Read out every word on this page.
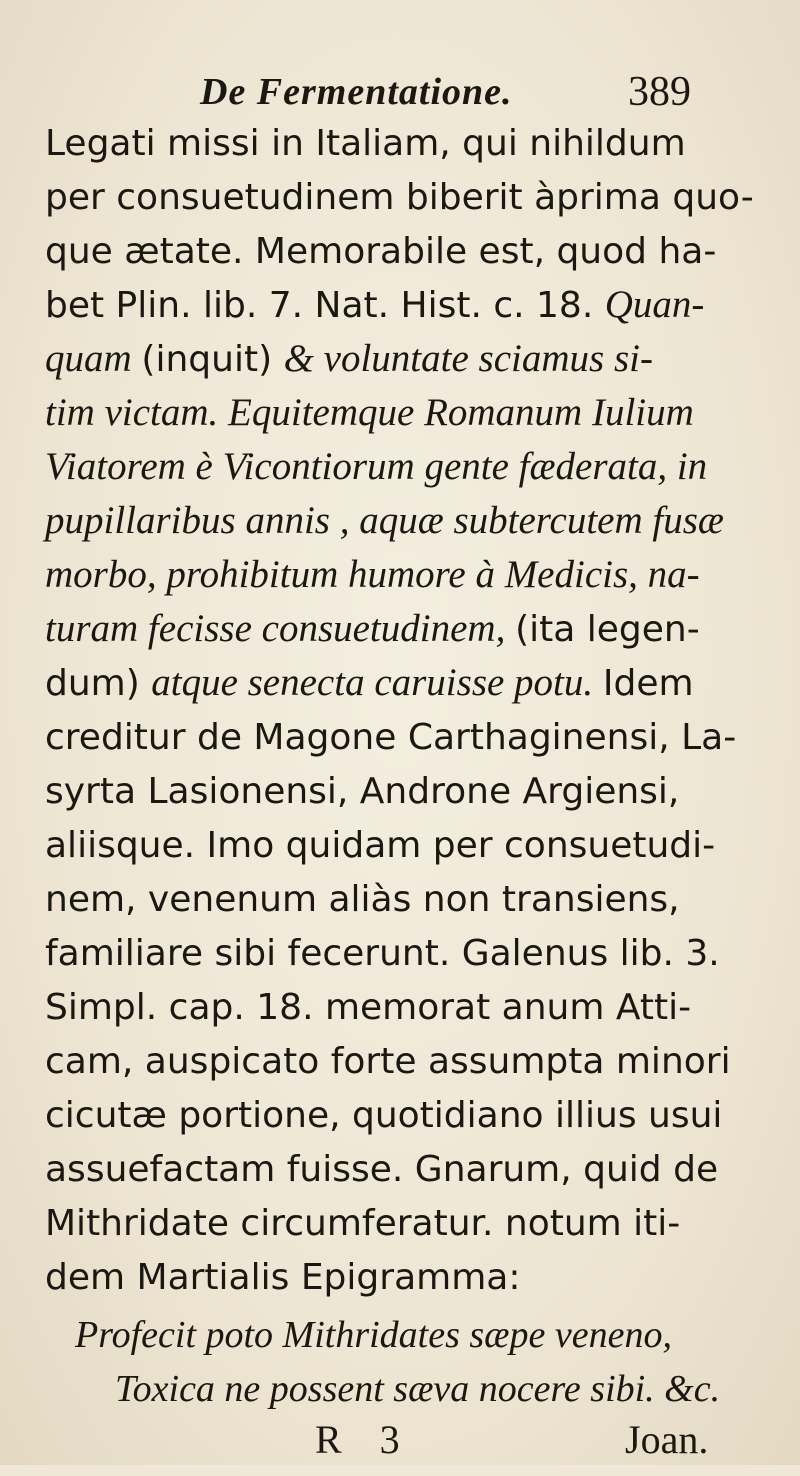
De Fermentatione.	389
Legati missi in Italiam, qui nihildum
per consuetudinem biberit àprima quo-
que ætate. Memorabile est, quod ha-
bet Plin. lib. 7. Nat. Hist. c. 18. Quan-
quam (inquit) & voluntate sciamus si-
tim victam. Equitemque Romanum Iulium
Viatorem è Vicontiorum gente fæderata, in
pupillaribus annis , aquæ subtercutem fusæ
morbo, prohibitum humore à Medicis, na-
turam fecisse consuetudinem, (ita legen-
dum) atque senecta caruisse potu. Idem
creditur de Magone Carthaginensi, La-
syrta Lasionensi, Androne Argiensi,
aliisque. Imo quidam per consuetudi-
nem, venenum aliàs non transiens,
familiare sibi fecerunt. Galenus lib. 3.
Simpl. cap. 18. memorat anum Atti-
cam, auspicato forte assumpta minori
cicutæ portione, quotidiano illius usui
assuefactam fuisse. Gnarum, quid de
Mithridate circumferatur. notum iti-
dem Martialis Epigramma:
Profecit poto Mithridates sæpe veneno,
Toxica ne possent sæva nocere sibi. &c.
R 3	Joan.
